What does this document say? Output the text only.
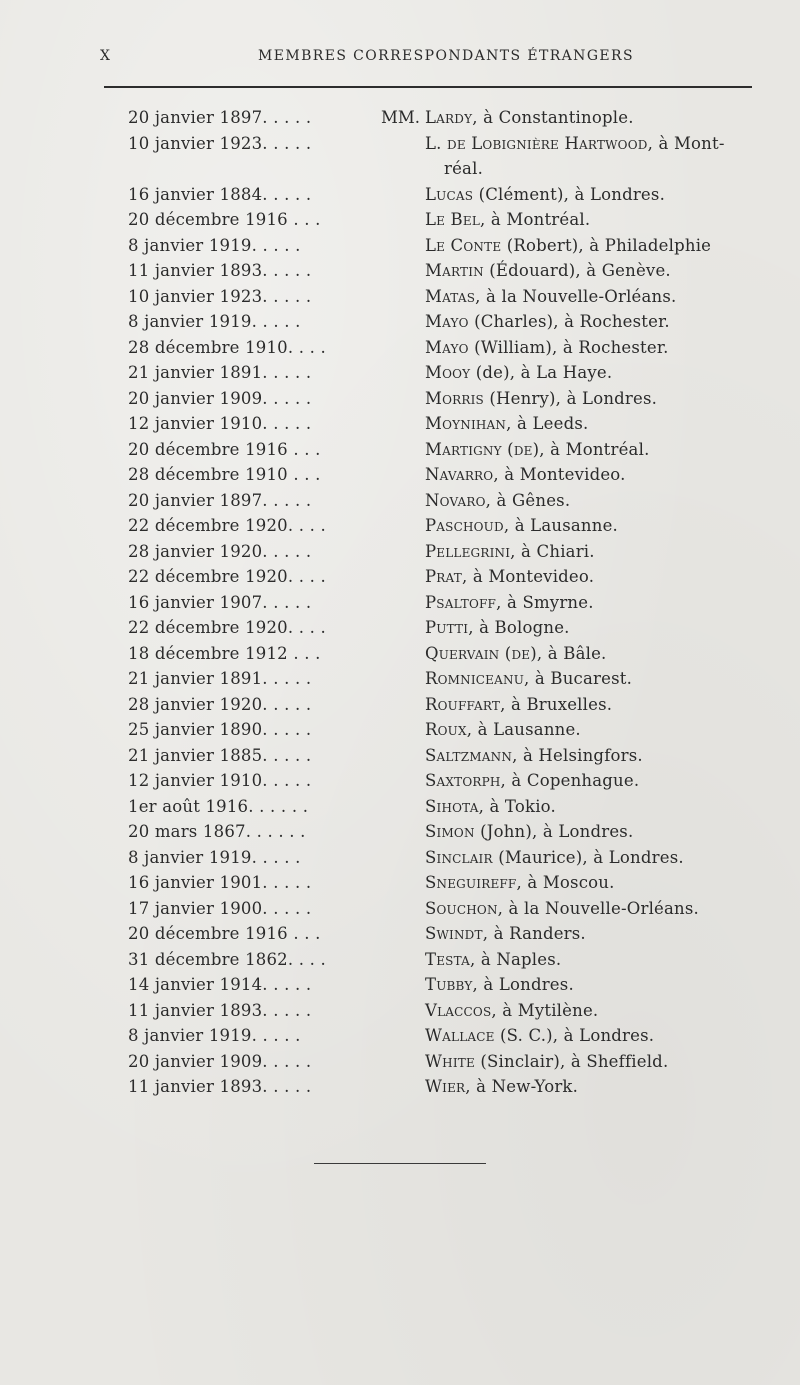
X	MEMBRES CORRESPONDANTS ÉTRANGERS
20 janvier 1897. . . . .	MM. Lardy, à Constantinople.
10 janvier 1923. . . . .	L. de Lobignière Hartwood, à Mont-
réal.
16 janvier 1884. . . . .	Lucas (Clément), à Londres.
20 décembre 1916 . . .	Le Bel, à Montréal.
8 janvier 1919. . . . .	Le Conte (Robert), à Philadelphie
11 janvier 1893. . . . .	Martin (Édouard), à Genève.
10 janvier 1923. . . . .	Matas, à la Nouvelle-Orléans.
8 janvier 1919. . . . .	Mayo (Charles), à Rochester.
28 décembre 1910. . . .	Mayo (William), à Rochester.
21 janvier 1891. . . . .	Mooy (de), à La Haye.
20 janvier 1909. . . . .	Morris (Henry), à Londres.
12 janvier 1910. . . . .	Moynihan, à Leeds.
20 décembre 1916 . . .	Martigny (de), à Montréal.
28 décembre 1910 . . .	Navarro, à Montevideo.
20 janvier 1897. . . . .	Novaro, à Gênes.
22 décembre 1920. . . .	Paschoud, à Lausanne.
28 janvier 1920. . . . .	Pellegrini, à Chiari.
22 décembre 1920. . . .	Prat, à Montevideo.
16 janvier 1907. . . . .	Psaltoff, à Smyrne.
22 décembre 1920. . . .	Putti, à Bologne.
18 décembre 1912 . . .	Quervain (de), à Bâle.
21 janvier 1891. . . . .	Romniceanu, à Bucarest.
28 janvier 1920. . . . .	Rouffart, à Bruxelles.
25 janvier 1890. . . . .	Roux, à Lausanne.
21 janvier 1885. . . . .	Saltzmann, à Helsingfors.
12 janvier 1910. . . . .	Saxtorph, à Copenhague.
1er août 1916. . . . . .	Sihota, à Tokio.
20 mars 1867. . . . . .	Simon (John), à Londres.
8 janvier 1919. . . . .	Sinclair (Maurice), à Londres.
16 janvier 1901. . . . .	Sneguireff, à Moscou.
17 janvier 1900. . . . .	Souchon, à la Nouvelle-Orléans.
20 décembre 1916 . . .	Swindt, à Randers.
31 décembre 1862. . . .	Testa, à Naples.
14 janvier 1914. . . . .	Tubby, à Londres.
11 janvier 1893. . . . .	Vlaccos, à Mytilène.
8 janvier 1919. . . . .	Wallace (S. C.), à Londres.
20 janvier 1909. . . . .	White (Sinclair), à Sheffield.
11 janvier 1893. . . . .	Wier, à New-York.
